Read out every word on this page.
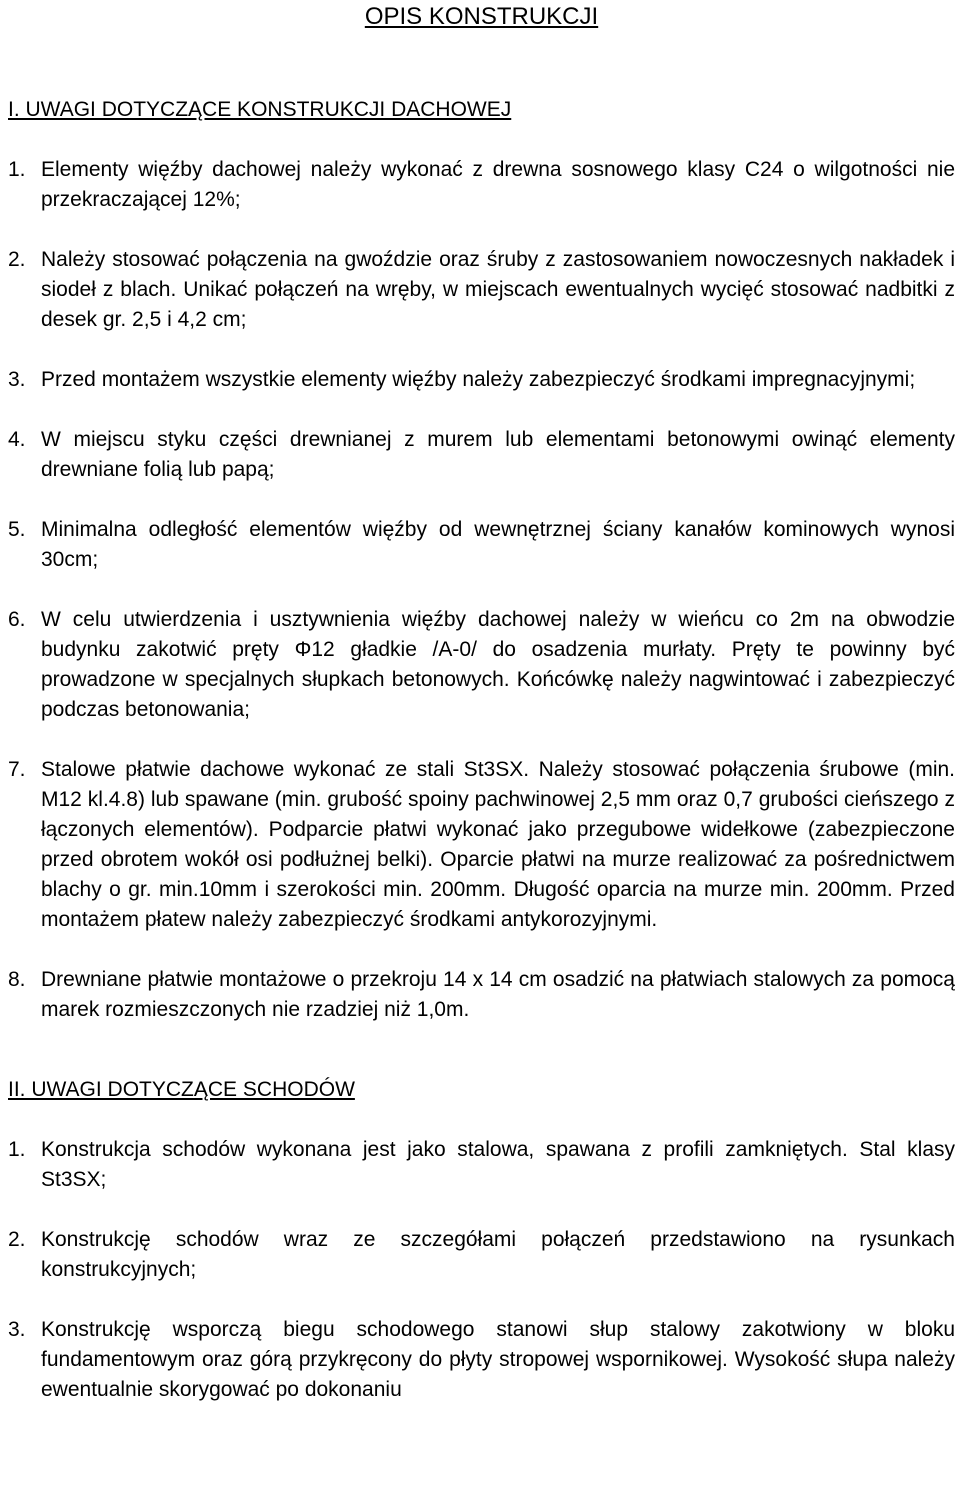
OPIS KONSTRUKCJI
I. UWAGI DOTYCZĄCE KONSTRUKCJI DACHOWEJ
1. Elementy więźby dachowej należy wykonać z drewna sosnowego klasy C24 o wilgotności nie przekraczającej 12%;
2. Należy stosować połączenia na gwoździe oraz śruby z zastosowaniem nowoczesnych nakładek i siodeł z blach. Unikać połączeń na wręby, w miejscach ewentualnych wycięć stosować nadbitki z desek gr. 2,5 i 4,2 cm;
3. Przed montażem wszystkie elementy więźby należy zabezpieczyć środkami impregnacyjnymi;
4. W miejscu styku części drewnianej z murem lub elementami betonowymi owinąć elementy drewniane folią lub papą;
5. Minimalna odległość elementów więźby od wewnętrznej ściany kanałów kominowych wynosi 30cm;
6. W celu utwierdzenia i usztywnienia więźby dachowej należy w wieńcu co 2m na obwodzie budynku zakotwić pręty Φ12 gładkie /A-0/ do osadzenia murłaty. Pręty te powinny być prowadzone w specjalnych słupkach betonowych. Końcówkę należy nagwintować i zabezpieczyć podczas betonowania;
7. Stalowe płatwie dachowe wykonać ze stali St3SX. Należy stosować połączenia śrubowe (min. M12 kl.4.8) lub spawane (min. grubość spoiny pachwinowej 2,5 mm oraz 0,7 grubości cieńszego z łączonych elementów). Podparcie płatwi wykonać jako przegubowe widełkowe (zabezpieczone przed obrotem wokół osi podłużnej belki). Oparcie płatwi na murze realizować za pośrednictwem blachy o gr. min.10mm i szerokości min. 200mm. Długość oparcia na murze min. 200mm. Przed montażem płatew należy zabezpieczyć środkami antykorozyjnymi.
8. Drewniane płatwie montażowe o przekroju 14 x 14 cm osadzić na płatwiach stalowych za pomocą marek rozmieszczonych nie rzadziej niż 1,0m.
II. UWAGI DOTYCZĄCE SCHODÓW
1. Konstrukcja schodów wykonana jest jako stalowa, spawana z profili zamkniętych. Stal klasy St3SX;
2. Konstrukcję schodów wraz ze szczegółami połączeń przedstawiono na rysunkach konstrukcyjnych;
3. Konstrukcję wsporczą biegu schodowego stanowi słup stalowy zakotwiony w bloku fundamentowym oraz górą przykręcony do płyty stropowej wspornikowej. Wysokość słupa należy ewentualnie skorygować po dokonaniu
